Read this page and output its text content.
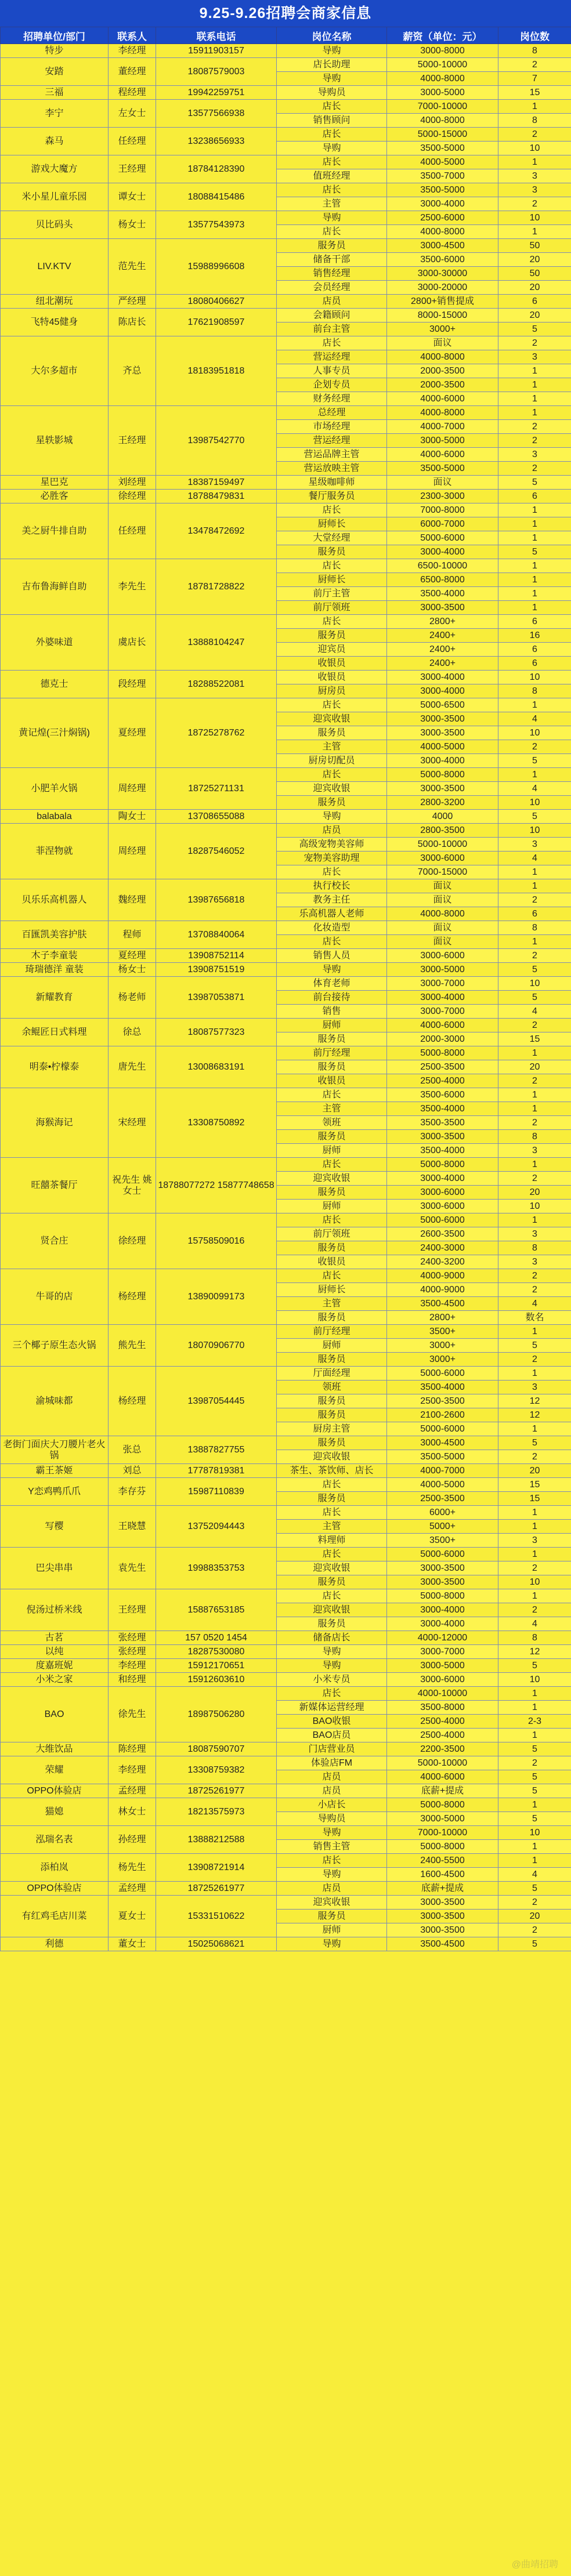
9.25-9.26招聘会商家信息
招聘单位/部门	联系人	联系电话	岗位名称	薪资（单位：元）	岗位数
特步	李经理	15911903157	导购	3000-8000	8
安踏	董经理	18087579003	店长助理	5000-10000	2
			导购	4000-8000	7
三福	程经理	19942259751	导购员	3000-5000	15
李宁	左女士	13577566938	店长	7000-10000	1
			销售顾问	4000-8000	8
森马	任经理	13238656933	店长	5000-15000	2
			导购	3500-5000	10
游戏大魔方	王经理	18784128390	店长	4000-5000	1
			值班经理	3500-7000	3
米小星儿童乐园	谭女士	18088415486	店长	3500-5000	3
			主管	3000-4000	2
贝比码头	杨女士	13577543973	导购	2500-6000	10
			店长	4000-8000	1
LIV.KTV	范先生	15988996608	服务员	3000-4500	50
			储备干部	3500-6000	20
			销售经理	3000-30000	50
			会员经理	3000-20000	20
纽北潮玩	严经理	18080406627	店员	2800+销售提成	6
飞特45健身	陈店长	17621908597	会籍顾问	8000-15000	20
			前台主管	3000+	5
大尔多超市	齐总	18183951818	店长	面议	2
			营运经理	4000-8000	3
			人事专员	2000-3500	1
			企划专员	2000-3500	1
			财务经理	4000-6000	1
星轶影城	王经理	13987542770	总经理	4000-8000	1
			市场经理	4000-7000	2
			营运经理	3000-5000	2
			营运品牌主管	4000-6000	3
			营运放映主管	3500-5000	2
星巴克	刘经理	18387159497	星级咖啡师	面议	5
必胜客	徐经理	18788479831	餐厅服务员	2300-3000	6
美之厨牛排自助	任经理	13478472692	店长	7000-8000	1
			厨师长	6000-7000	1
			大堂经理	5000-6000	1
			服务员	3000-4000	5
吉布鲁海鲜自助	李先生	18781728822	店长	6500-10000	1
			厨师长	6500-8000	1
			前厅主管	3500-4000	1
			前厅领班	3000-3500	1
外婆味道	虞店长	13888104247	店长	2800+	6
			服务员	2400+	16
			迎宾员	2400+	6
			收银员	2400+	6
德克士	段经理	18288522081	收银员	3000-4000	10
			厨房员	3000-4000	8
黄记煌(三汁焖锅)	夏经理	18725278762	店长	5000-6500	1
			迎宾收银	3000-3500	4
			服务员	3000-3500	10
			主管	4000-5000	2
			厨房切配员	3000-4000	5
小肥羊火锅	周经理	18725271131	店长	5000-8000	1
			迎宾收银	3000-3500	4
			服务员	2800-3200	10
balabala	陶女士	13708655088	导购	4000	5
菲涅物就	周经理	18287546052	店员	2800-3500	10
			高级宠物美容师	5000-10000	3
			宠物美容助理	3000-6000	4
			店长	7000-15000	1
贝乐乐高机器人	魏经理	13987656818	执行校长	面议	1
			教务主任	面议	2
			乐高机器人老师	4000-8000	6
百匯凯美容护肤	程师	13708840064	化妆造型	面议	8
			店长	面议	1
木子李童装	夏经理	13908752114	销售人员	3000-6000	2
琦瑞德洋 童装	杨女士	13908751519	导购	3000-5000	5
新耀教育	杨老师	13987053871	体育老师	3000-7000	10
			前台接待	3000-4000	5
			销售	3000-7000	4
余鲲匠日式料理	徐总	18087577323	厨师	4000-6000	2
			服务员	2000-3000	15
明泰•柠檬泰	唐先生	13008683191	前厅经理	5000-8000	1
			服务员	2500-3500	20
			收银员	2500-4000	2
海猴海记	宋经理	13308750892	店长	3500-6000	1
			主管	3500-4000	1
			领班	3500-3500	2
			服务员	3000-3500	8
			厨师	3500-4000	3
旺囍茶餐厅	祝先生 姚女士	18788077272 15877748658	店长	5000-8000	1
			迎宾收银	3000-4000	2
			服务员	3000-6000	20
			厨师	3000-6000	10
贤合庄	徐经理	15758509016	店长	5000-6000	1
			前厅领班	2600-3500	3
			服务员	2400-3000	8
			收银员	2400-3200	3
牛哥的店	杨经理	13890099173	店长	4000-9000	2
			厨师长	4000-9000	2
			主管	3500-4500	4
			服务员	2800+	数名
三个椰子原生态火锅	熊先生	18070906770	前厅经理	3500+	1
			厨师	3000+	5
			服务员	3000+	2
渝城味都	杨经理	13987054445	厅面经理	5000-6000	1
			领班	3500-4000	3
			服务员	2500-3500	12
			服务员	2100-2600	12
			厨房主管	5000-6000	1
老街门面庆大刀腰片老火锅	张总	13887827755	服务员	3000-4500	5
			迎宾收银	3500-5000	2
霸王茶姬	刘总	17787819381	茶生、茶饮师、店长	4000-7000	20
Y恋鸡鸭爪爪	李存芬	15987110839	店长	4000-5000	15
			服务员	2500-3500	15
写樱	王晓慧	13752094443	店长	6000+	1
			主管	5000+	1
			料理师	3500+	3
巴尖串串	袁先生	19988353753	店长	5000-6000	1
			迎宾收银	3000-3500	2
			服务员	3000-3500	10
倪汤过桥米线	王经理	15887653185	店长	5000-8000	1
			迎宾收银	3000-4000	2
			服务员	3000-4000	4
古茗	张经理	157 0520 1454	储备店长	4000-12000	8
以纯	张经理	18287530080	导购	3000-7000	12
度嘉班妮	李经理	15912170651	导购	3000-5000	5
小米之家	和经理	15912603610	小米专员	3000-6000	10
BAO	徐先生	18987506280	店长	4000-10000	1
			新媒体运营经理	3500-8000	1
			BAO收银	2500-4000	2-3
			BAO店员	2500-4000	1
大维饮品	陈经理	18087590707	门店营业员	2200-3500	5
荣耀	李经理	13308759382	体验店FM	5000-10000	2
			店员	4000-6000	5
OPPO体验店	孟经理	18725261977	店员	底薪+提成	5
猫媳	林女士	18213575973	小店长	5000-8000	1
			导购员	3000-5000	5
泓瑞名表	孙经理	13888212588	导购	7000-10000	10
			销售主管	5000-8000	1
添柏岚	杨先生	13908721914	店长	2400-5500	1
			导购	1600-4500	4
OPPO体验店	孟经理	18725261977	店员	底薪+提成	5
有红鸡毛店川菜	夏女士	15331510622	迎宾收银	3000-3500	2
			服务员	3000-3500	20
			厨师	3000-3500	2
利德	董女士	15025068621	导购	3500-4500	5
@曲靖招聘
